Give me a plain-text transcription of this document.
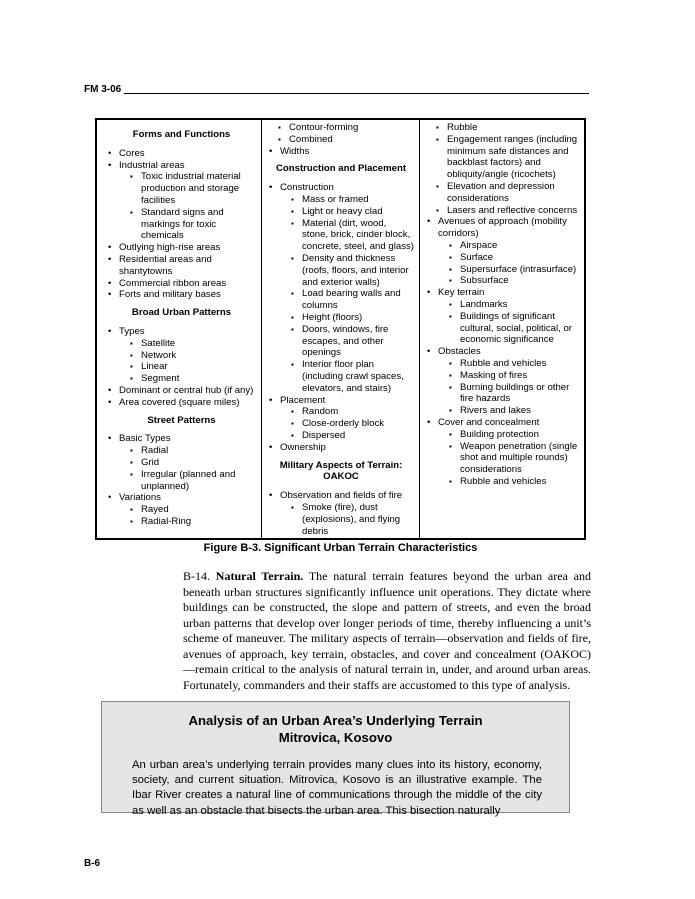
FM 3-06
Forms and Functions
• Cores
• Industrial areas
▪ Toxic industrial material production and storage facilities
▪ Standard signs and markings for toxic chemicals
• Outlying high-rise areas
• Residential areas and shantytowns
• Commercial ribbon areas
• Forts and military bases
Broad Urban Patterns
• Types
▪ Satellite
▪ Network
▪ Linear
▪ Segment
• Dominant or central hub (if any)
• Area covered (square miles)
Street Patterns
• Basic Types
▪ Radial
▪ Grid
▪ Irregular (planned and unplanned)
• Variations
▪ Rayed
▪ Radial-Ring
▪ Contour-forming
▪ Combined
• Widths
Construction and Placement
• Construction
▪ Mass or framed
▪ Light or heavy clad
▪ Material (dirt, wood, stone, brick, cinder block, concrete, steel, and glass)
▪ Density and thickness (roofs, floors, and interior and exterior walls)
▪ Load bearing walls and columns
▪ Height (floors)
▪ Doors, windows, fire escapes, and other openings
▪ Interior floor plan (including crawl spaces, elevators, and stairs)
• Placement
▪ Random
▪ Close-orderly block
▪ Dispersed
• Ownership
Military Aspects of Terrain: OAKOC
• Observation and fields of fire
▪ Smoke (fire), dust (explosions), and flying debris
▪ Rubble
▪ Engagement ranges (including minimum safe distances and backblast factors) and obliquity/angle (ricochets)
▪ Elevation and depression considerations
▪ Lasers and reflective concerns
• Avenues of approach (mobility corridors)
▪ Airspace
▪ Surface
▪ Supersurface (intrasurface)
▪ Subsurface
• Key terrain
▪ Landmarks
▪ Buildings of significant cultural, social, political, or economic significance
• Obstacles
▪ Rubble and vehicles
▪ Masking of fires
▪ Burning buildings or other fire hazards
▪ Rivers and lakes
• Cover and concealment
▪ Building protection
▪ Weapon penetration (single shot and multiple rounds) considerations
▪ Rubble and vehicles
Figure B-3. Significant Urban Terrain Characteristics
B-14. Natural Terrain. The natural terrain features beyond the urban area and beneath urban structures significantly influence unit operations. They dictate where buildings can be constructed, the slope and pattern of streets, and even the broad urban patterns that develop over longer periods of time, thereby influencing a unit’s scheme of maneuver. The military aspects of terrain—observation and fields of fire, avenues of approach, key terrain, obstacles, and cover and concealment (OAKOC)—remain critical to the analysis of natural terrain in, under, and around urban areas. Fortunately, commanders and their staffs are accustomed to this type of analysis.
Analysis of an Urban Area’s Underlying Terrain
Mitrovica, Kosovo
An urban area’s underlying terrain provides many clues into its history, economy, society, and current situation. Mitrovica, Kosovo is an illustrative example. The Ibar River creates a natural line of communications through the middle of the city as well as an obstacle that bisects the urban area. This bisection naturally
B-6
